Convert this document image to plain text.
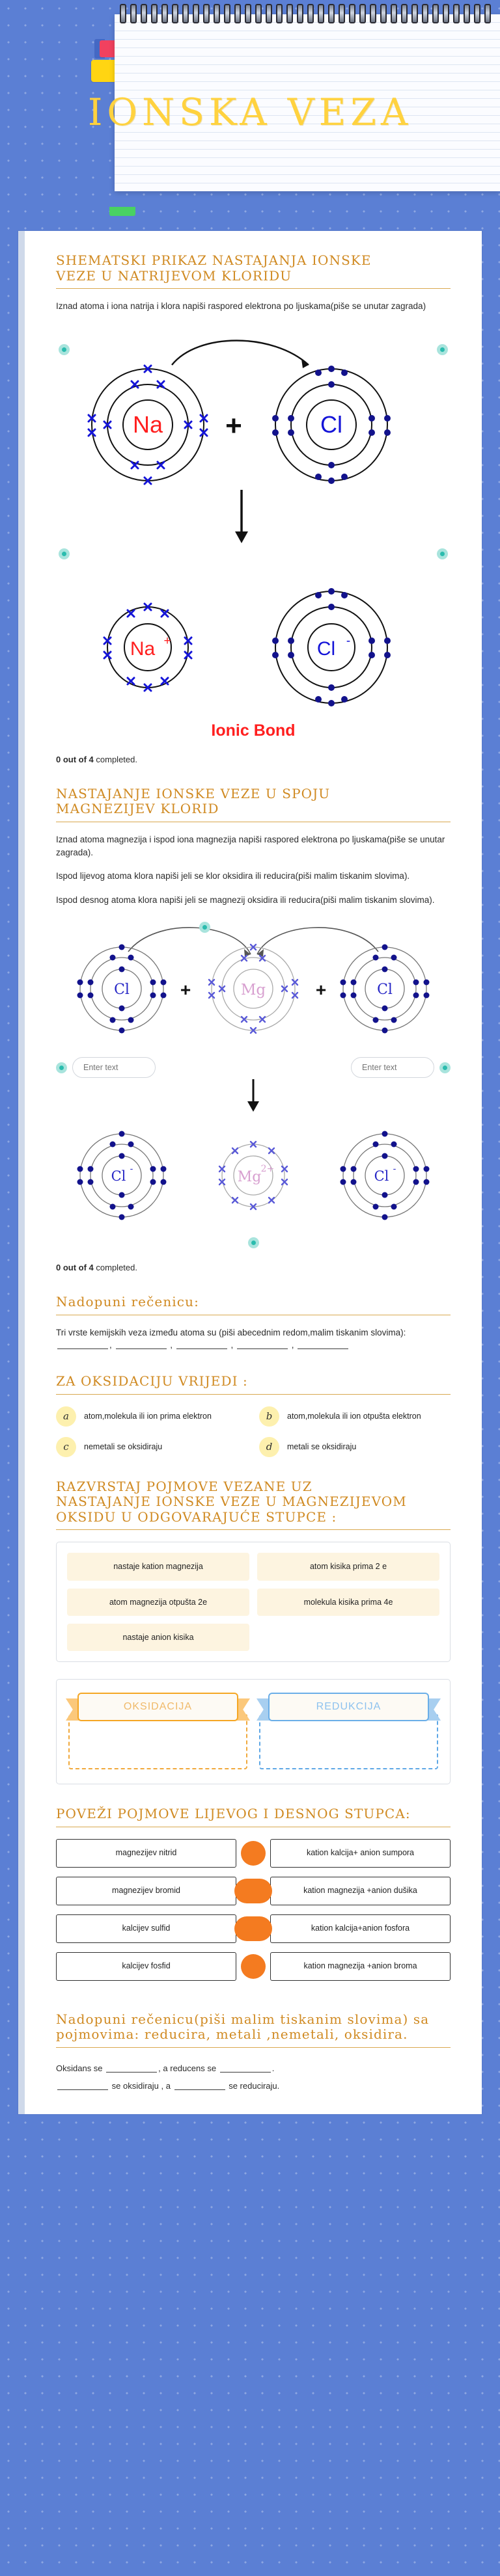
IONSKA VEZA
SHEMATSKI PRIKAZ NASTAJANJA IONSKE
VEZE U NATRIJEVOM KLORIDU
Iznad atoma i iona natrija i klora napiši raspored elektrona po ljuskama(piše se unutar zagrada)
Na +	Cl
Na +	Cl -
Ionic Bond
0 out of 4 completed.
NASTAJANJE IONSKE VEZE U SPOJU
MAGNEZIJEV KLORID
Iznad atoma magnezija i ispod iona magnezija napiši raspored elektrona po ljuskama(piše se unutar zagrada).
Ispod lijevog atoma klora napiši jeli se klor oksidira ili reducira(piši malim tiskanim slovima).
Ispod desnog atoma klora napiši jeli se magnezij oksidira ili reducira(piši malim tiskanim slovima).
Cl	+	Mg	+	Cl
Enter text
Enter text
Cl -	Mg 2+	Cl -
0 out of 4 completed.
Nadopuni rečenicu:
Tri vrste kemijskih veza između atoma su (piši abecednim redom,malim tiskanim slovima): ,	,	,	,
ZA OKSIDACIJU VRIJEDI :
a	atom,molekula ili ion prima elektron	b	atom,molekula ili ion otpušta elektron
c	nemetali se oksidiraju	d	metali se oksidiraju
RAZVRSTAJ POJMOVE VEZANE UZ
NASTAJANJE IONSKE VEZE U MAGNEZIJEVOM
OKSIDU U ODGOVARAJUĆE STUPCE :
nastaje kation magnezija	atom kisika prima 2 e
atom magnezija otpušta 2e	molekula kisika prima 4e
nastaje anion kisika
OKSIDACIJA	REDUKCIJA
POVEŽI POJMOVE LIJEVOG I DESNOG STUPCA:
magnezijev nitrid	kation kalcija+ anion sumpora
magnezijev bromid	kation magnezija +anion dušika
kalcijev sulfid	kation kalcija+anion fosfora
kalcijev fosfid	kation magnezija +anion broma
Nadopuni rečenicu(piši malim tiskanim slovima) sa pojmovima: reducira, metali ,nemetali, oksidira.
Oksidans se	, a reducens se	.
se oksidiraju , a	se reduciraju.
